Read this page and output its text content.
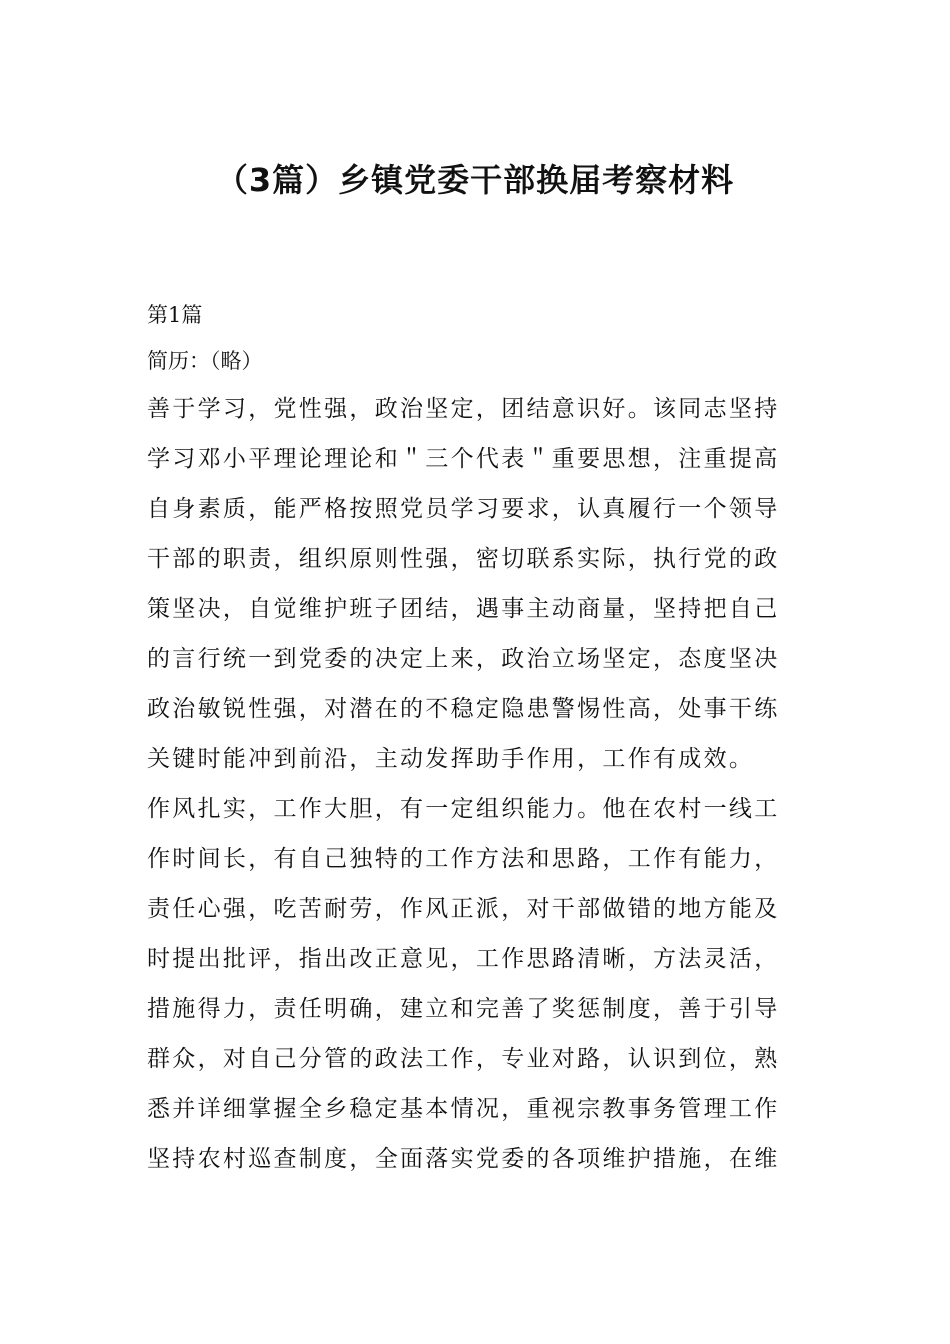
（3篇）乡镇党委干部换届考察材料
第1篇
简历：（略）
善于学习，党性强，政治坚定，团结意识好。该同志坚持
学习邓小平理论理论和＂三个代表＂重要思想，注重提高
自身素质，能严格按照党员学习要求，认真履行一个领导
干部的职责，组织原则性强，密切联系实际，执行党的政
策坚决，自觉维护班子团结，遇事主动商量，坚持把自己
的言行统一到党委的决定上来，政治立场坚定，态度坚决
政治敏锐性强，对潜在的不稳定隐患警惕性高，处事干练
关键时能冲到前沿，主动发挥助手作用，工作有成效。
作风扎实，工作大胆，有一定组织能力。他在农村一线工
作时间长，有自己独特的工作方法和思路，工作有能力，
责任心强，吃苦耐劳，作风正派，对干部做错的地方能及
时提出批评，指出改正意见，工作思路清晰，方法灵活，
措施得力，责任明确，建立和完善了奖惩制度，善于引导
群众，对自己分管的政法工作，专业对路，认识到位，熟
悉并详细掌握全乡稳定基本情况，重视宗教事务管理工作
坚持农村巡查制度，全面落实党委的各项维护措施，在维
